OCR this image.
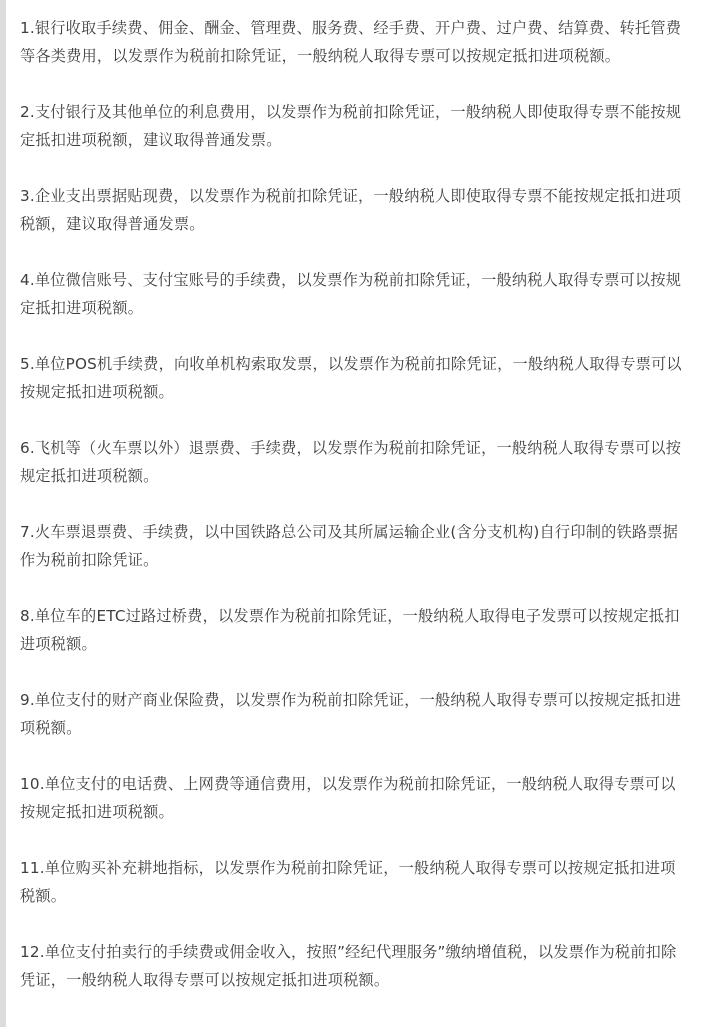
1.银行收取手续费、佣金、酬金、管理费、服务费、经手费、开户费、过户费、结算费、转托管费等各类费用，以发票作为税前扣除凭证，一般纳税人取得专票可以按规定抵扣进项税额。

2.支付银行及其他单位的利息费用，以发票作为税前扣除凭证，一般纳税人即使取得专票不能按规定抵扣进项税额，建议取得普通发票。

3.企业支出票据贴现费，以发票作为税前扣除凭证，一般纳税人即使取得专票不能按规定抵扣进项税额，建议取得普通发票。

4.单位微信账号、支付宝账号的手续费，以发票作为税前扣除凭证，一般纳税人取得专票可以按规定抵扣进项税额。

5.单位POS机手续费，向收单机构索取发票，以发票作为税前扣除凭证，一般纳税人取得专票可以按规定抵扣进项税额。

6.飞机等（火车票以外）退票费、手续费，以发票作为税前扣除凭证，一般纳税人取得专票可以按规定抵扣进项税额。

7.火车票退票费、手续费，以中国铁路总公司及其所属运输企业(含分支机构)自行印制的铁路票据作为税前扣除凭证。

8.单位车的ETC过路过桥费，以发票作为税前扣除凭证，一般纳税人取得电子发票可以按规定抵扣进项税额。

9.单位支付的财产商业保险费，以发票作为税前扣除凭证，一般纳税人取得专票可以按规定抵扣进项税额。

10.单位支付的电话费、上网费等通信费用，以发票作为税前扣除凭证，一般纳税人取得专票可以按规定抵扣进项税额。

11.单位购买补充耕地指标，以发票作为税前扣除凭证，一般纳税人取得专票可以按规定抵扣进项税额。

12.单位支付拍卖行的手续费或佣金收入，按照”经纪代理服务”缴纳增值税，以发票作为税前扣除凭证，一般纳税人取得专票可以按规定抵扣进项税额。
